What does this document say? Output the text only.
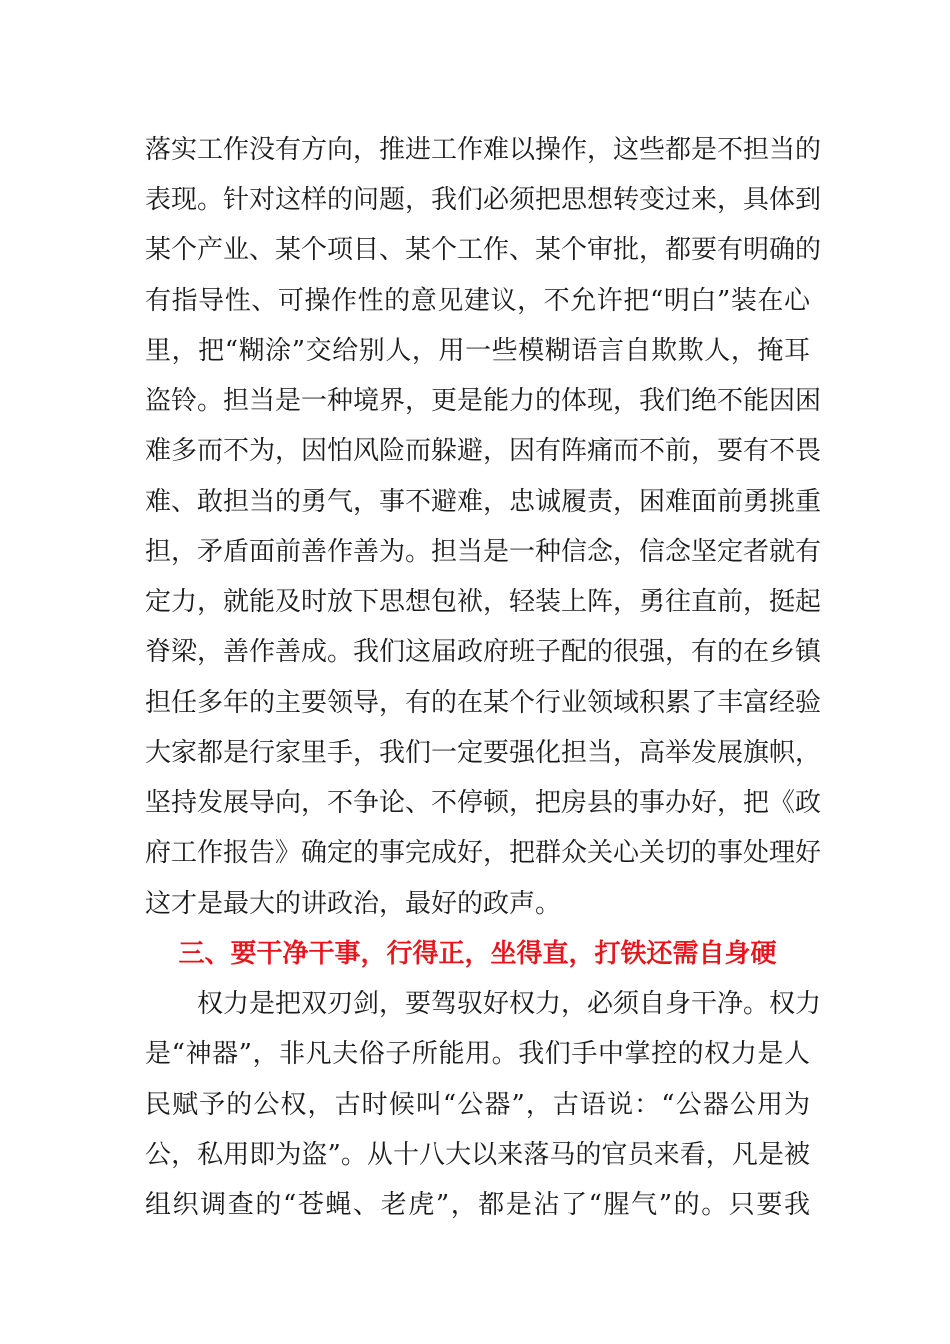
落实工作没有方向，推进工作难以操作，这些都是不担当的
表现。针对这样的问题，我们必须把思想转变过来，具体到
某个产业、某个项目、某个工作、某个审批，都要有明确的
有指导性、可操作性的意见建议，不允许把“明白”装在心
里，把“糊涂”交给别人，用一些模糊语言自欺欺人，掩耳
盗铃。担当是一种境界，更是能力的体现，我们绝不能因困
难多而不为，因怕风险而躲避，因有阵痛而不前，要有不畏
难、敢担当的勇气，事不避难，忠诚履责，困难面前勇挑重
担，矛盾面前善作善为。担当是一种信念，信念坚定者就有
定力，就能及时放下思想包袱，轻装上阵，勇往直前，挺起
脊梁，善作善成。我们这届政府班子配的很强，有的在乡镇
担任多年的主要领导，有的在某个行业领域积累了丰富经验
大家都是行家里手，我们一定要强化担当，高举发展旗帜，
坚持发展导向，不争论、不停顿，把房县的事办好，把《政
府工作报告》确定的事完成好，把群众关心关切的事处理好
这才是最大的讲政治，最好的政声。
三、要干净干事，行得正，坐得直，打铁还需自身硬
权力是把双刃剑，要驾驭好权力，必须自身干净。权力
是“神器”，非凡夫俗子所能用。我们手中掌控的权力是人
民赋予的公权，古时候叫“公器”，古语说：“公器公用为
公，私用即为盗”。从十八大以来落马的官员来看，凡是被
组织调查的“苍蝇、老虎”，都是沾了“腥气”的。只要我
